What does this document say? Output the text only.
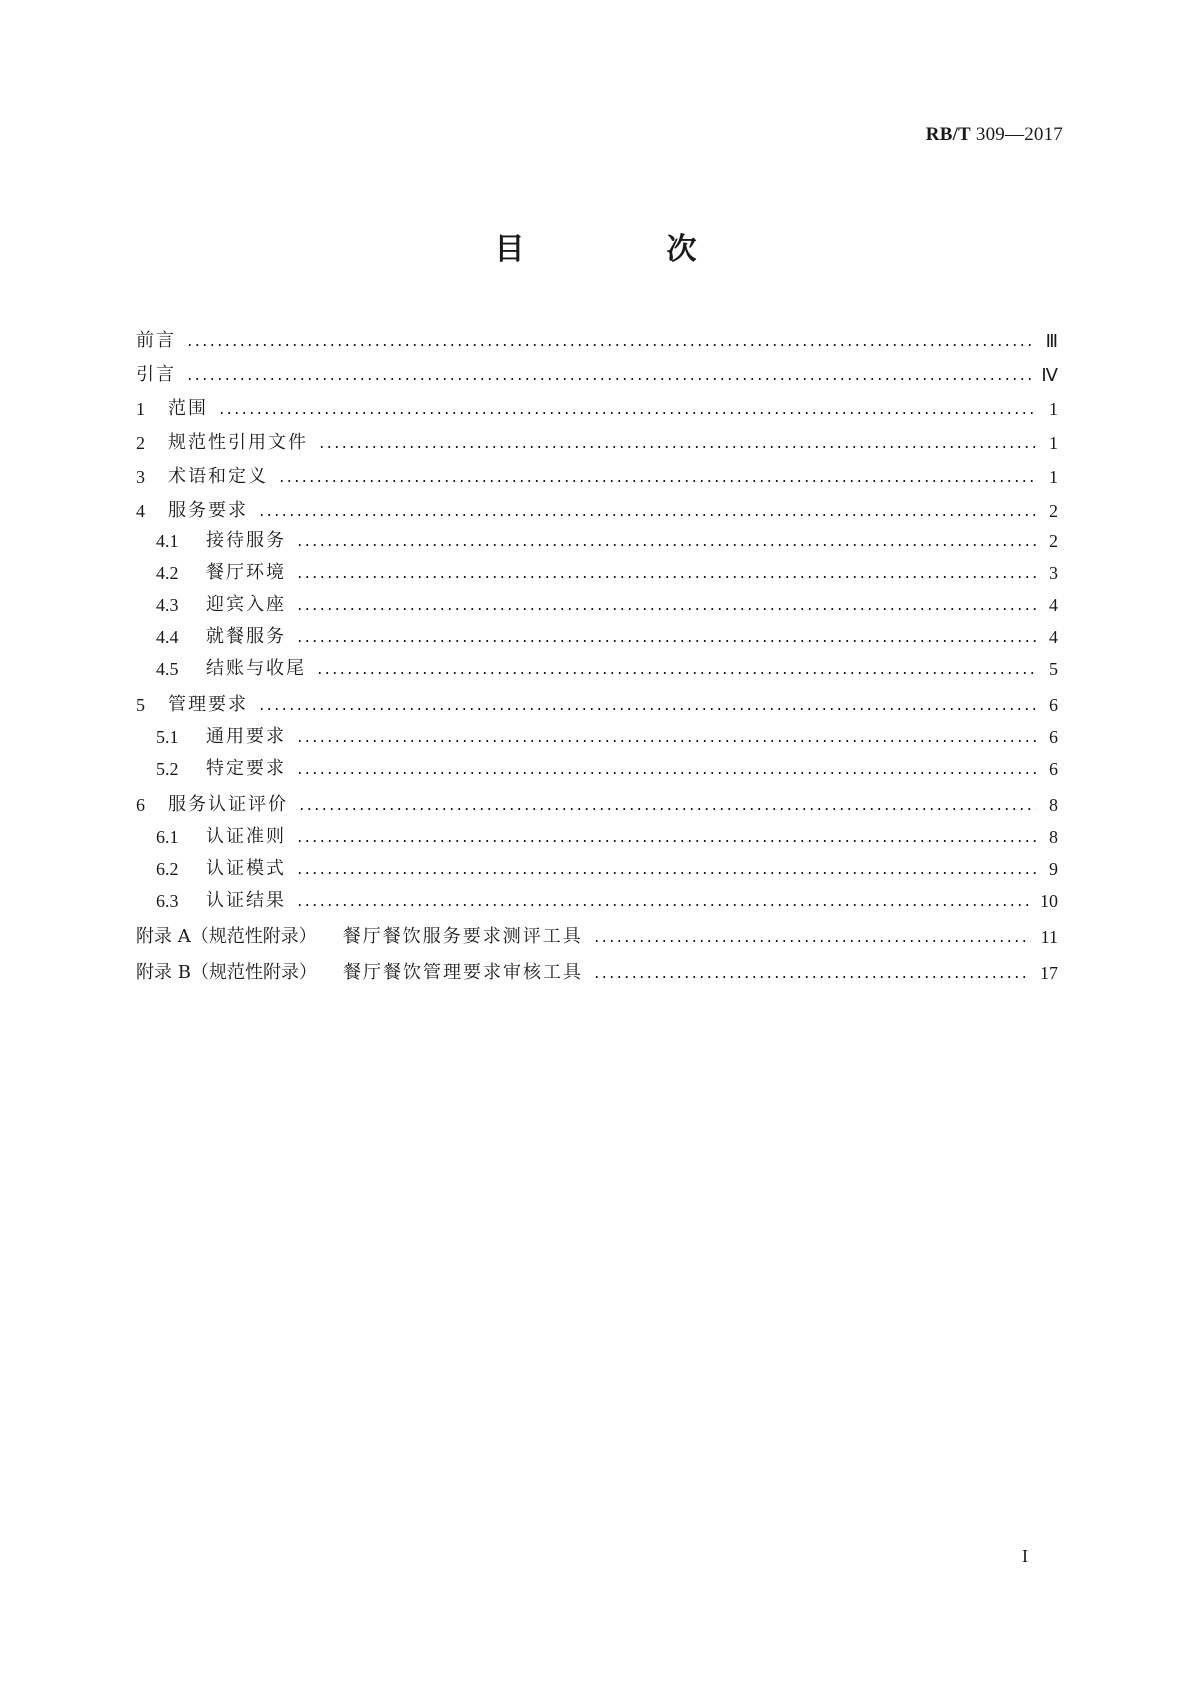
RB/T 309—2017
目　次
前言	Ⅲ
引言	Ⅳ
1	范围	1
2	规范性引用文件	1
3	术语和定义	1
4	服务要求	2
4.1	接待服务	2
4.2	餐厅环境	3
4.3	迎宾入座	4
4.4	就餐服务	4
4.5	结账与收尾	5
5	管理要求	6
5.1	通用要求	6
5.2	特定要求	6
6	服务认证评价	8
6.1	认证准则	8
6.2	认证模式	9
6.3	认证结果	10
附录 A（规范性附录） 餐厅餐饮服务要求测评工具	11
附录 B（规范性附录） 餐厅餐饮管理要求审核工具	17
I
